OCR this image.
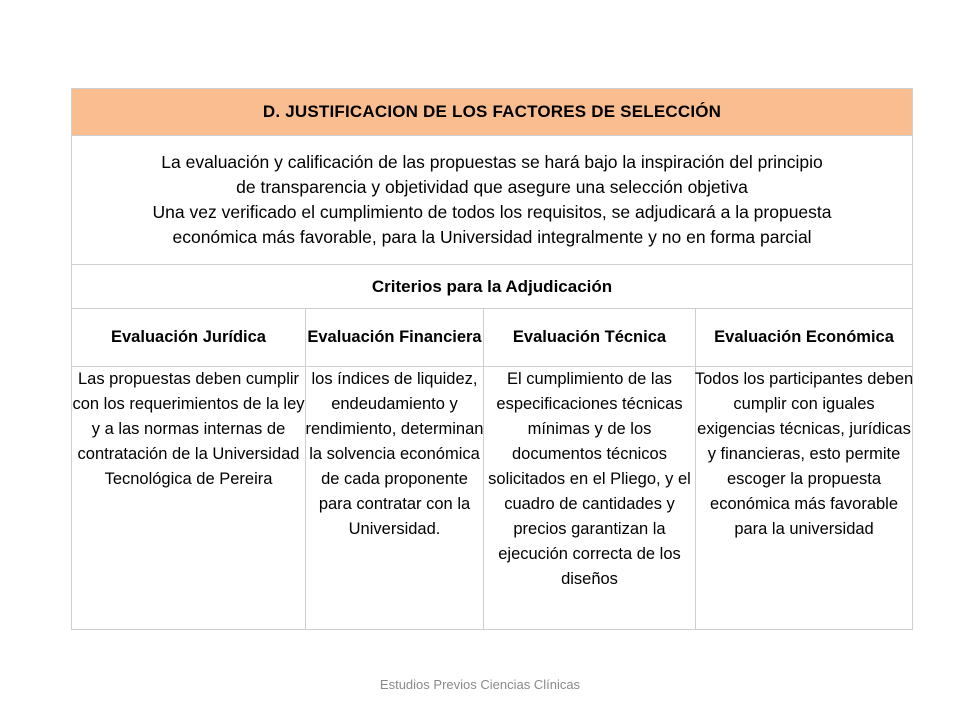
D. JUSTIFICACION DE LOS FACTORES DE SELECCIÓN			

La evaluación y calificación de las propuestas se hará bajo la inspiración del principio
de transparencia y objetividad que asegure una selección objetiva
Una vez verificado el cumplimiento de todos los requisitos, se adjudicará a la propuesta
económica más favorable, para la Universidad integralmente y no en forma parcial			

Criterios para la Adjudicación			
Evaluación Jurídica	Evaluación Financiera	Evaluación Técnica	Evaluación Económica

Las propuestas deben cumplir con los requerimientos de la ley y a las normas internas de contratación de la Universidad Tecnológica de Pereira	los índices de liquidez, endeudamiento y rendimiento, determinan la solvencia económica de cada proponente para contratar con la Universidad.	El cumplimiento de las especificaciones técnicas mínimas y de los documentos técnicos solicitados en el Pliego, y el cuadro de cantidades y precios garantizan la ejecución correcta de los diseños	Todos los participantes deben cumplir con iguales exigencias técnicas, jurídicas y financieras, esto permite escoger la propuesta económica más favorable para la universidad
Estudios Previos Ciencias Clínicas
